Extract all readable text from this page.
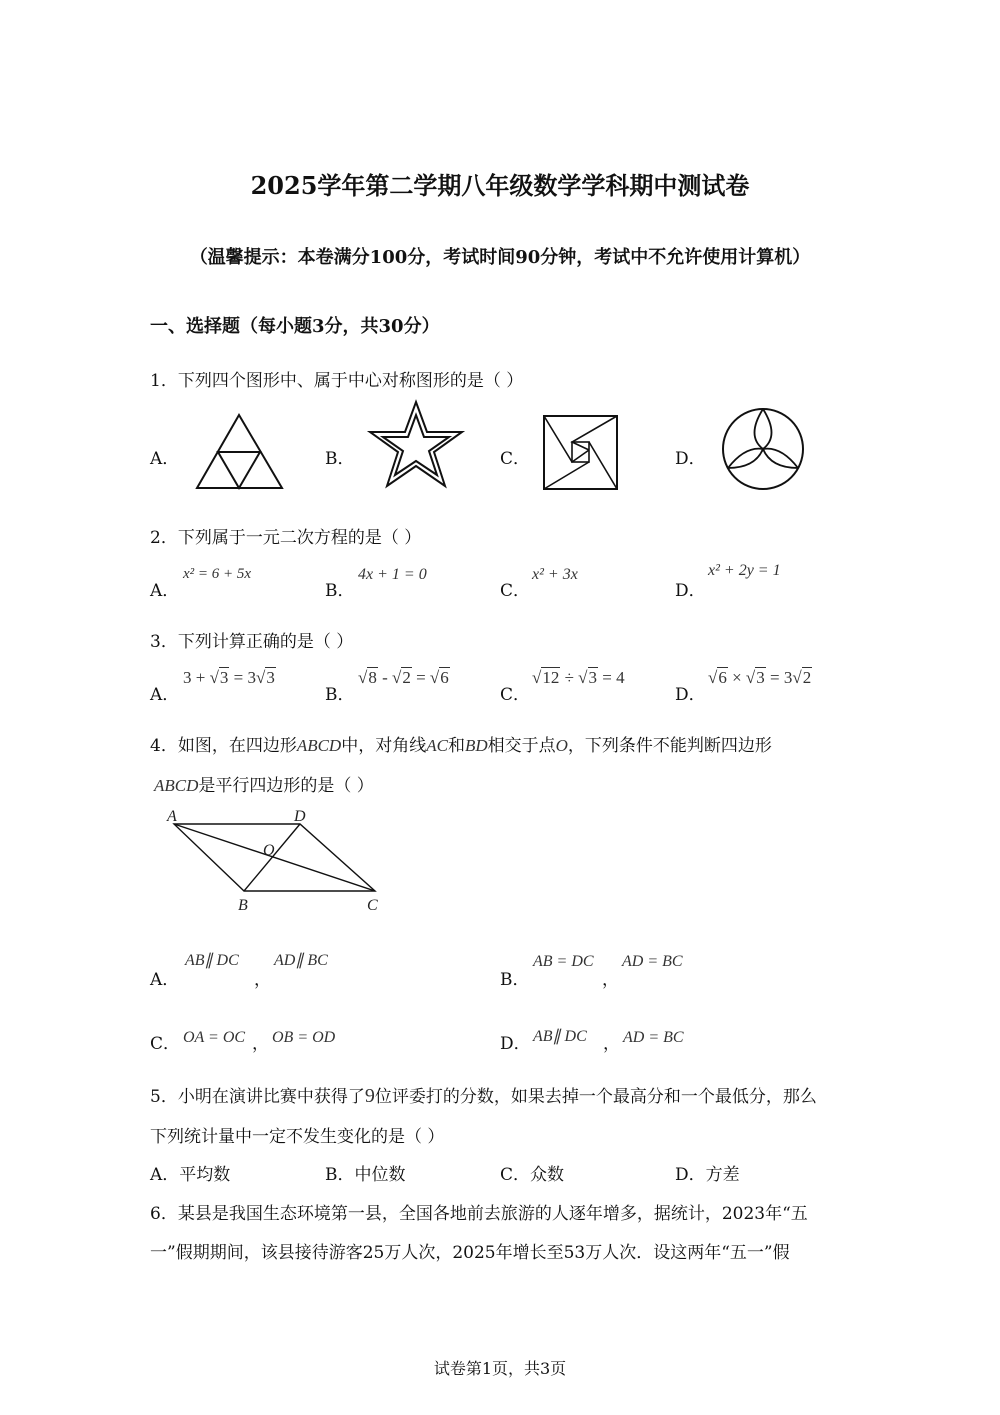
2025学年第二学期八年级数学学科期中测试卷
（温馨提示：本卷满分100分，考试时间90分钟，考试中不允许使用计算机）
一、选择题（每小题3分，共30分）
1．下列四个图形中、属于中心对称图形的是（ ）
A．	B．	C．	D．
2．下列属于一元二次方程的是（ ）
A．
x² = 6 + 5x
B．
4x + 1 = 0
C．
x² + 3x
D．
x² + 2y = 1
3．下列计算正确的是（ ）
A．
3 + √3 = 3√3
B．
√8 - √2 = √6
C．
√12 ÷ √3 = 4
D．
√6 × √3 = 3√2
4．如图，在四边形ABCD中，对角线AC和BD相交于点O，下列条件不能判断四边形
ABCD是平行四边形的是（ ）
A	D
O
B	C
A．
AB∥ DC
，
AD∥ BC
B．
AB = DC
，
AD = BC
C． OA = OC ， OB = OD	D． AB∥ DC ， AD = BC
5．小明在演讲比赛中获得了9位评委打的分数，如果去掉一个最高分和一个最低分，那么
下列统计量中一定不发生变化的是（ ）
A．平均数	B．中位数	C．众数	D．方差
6．某县是我国生态环境第一县，全国各地前去旅游的人逐年增多，据统计，2023年“五
一”假期期间，该县接待游客25万人次，2025年增长至53万人次．设这两年“五一”假
试卷第1页，共3页
